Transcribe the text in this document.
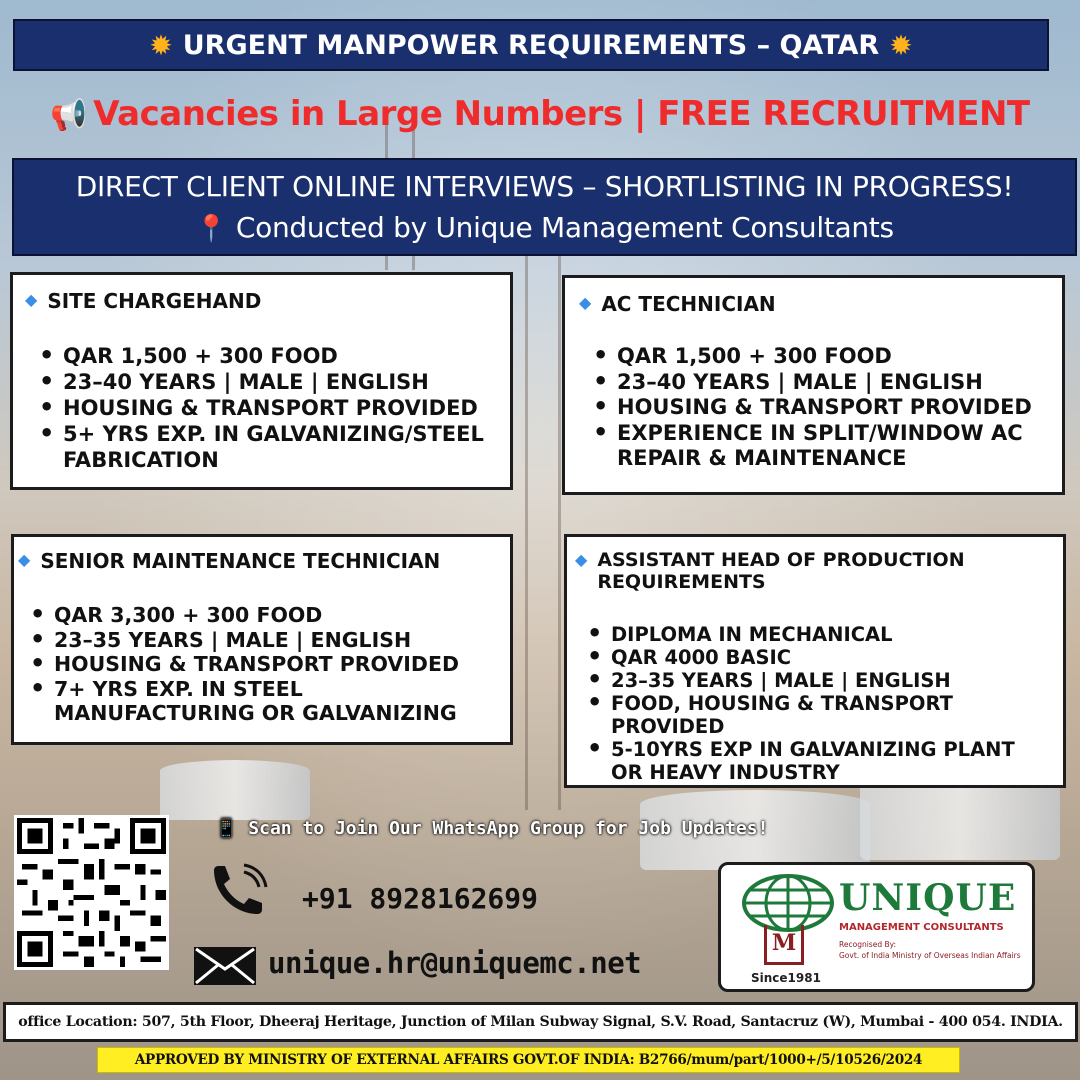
✹ URGENT MANPOWER REQUIREMENTS – QATAR ✹
📢 Vacancies in Large Numbers | FREE RECRUITMENT
DIRECT CLIENT ONLINE INTERVIEWS – SHORTLISTING IN PROGRESS!
📍 Conducted by Unique Management Consultants
◆ SITE CHARGEHAND
• QAR 1,500 + 300 FOOD
• 23–40 YEARS | MALE | ENGLISH
• HOUSING & TRANSPORT PROVIDED
• 5+ YRS EXP. IN GALVANIZING/STEEL FABRICATION
◆ AC TECHNICIAN
• QAR 1,500 + 300 FOOD
• 23–40 YEARS | MALE | ENGLISH
• HOUSING & TRANSPORT PROVIDED
• EXPERIENCE IN SPLIT/WINDOW AC REPAIR & MAINTENANCE
◆ SENIOR MAINTENANCE TECHNICIAN
• QAR 3,300 + 300 FOOD
• 23–35 YEARS | MALE | ENGLISH
• HOUSING & TRANSPORT PROVIDED
• 7+ YRS EXP. IN STEEL MANUFACTURING OR GALVANIZING
◆ ASSISTANT HEAD OF PRODUCTION REQUIREMENTS
• DIPLOMA IN MECHANICAL
• QAR 4000 BASIC
• 23–35 YEARS | MALE | ENGLISH
• FOOD, HOUSING & TRANSPORT PROVIDED
• 5-10YRS EXP IN GALVANIZING PLANT OR HEAVY INDUSTRY
📱 Scan to Join Our WhatsApp Group for Job Updates!
+91 8928162699
unique.hr@uniquemc.net
UNIQUE
MANAGEMENT CONSULTANTS
Recognised By:
Govt. of India Ministry of Overseas Indian Affairs
M
Since1981
office Location: 507, 5th Floor, Dheeraj Heritage, Junction of Milan Subway Signal, S.V. Road, Santacruz (W), Mumbai - 400 054. INDIA.
APPROVED BY MINISTRY OF EXTERNAL AFFAIRS GOVT.OF INDIA: B2766/mum/part/1000+/5/10526/2024
